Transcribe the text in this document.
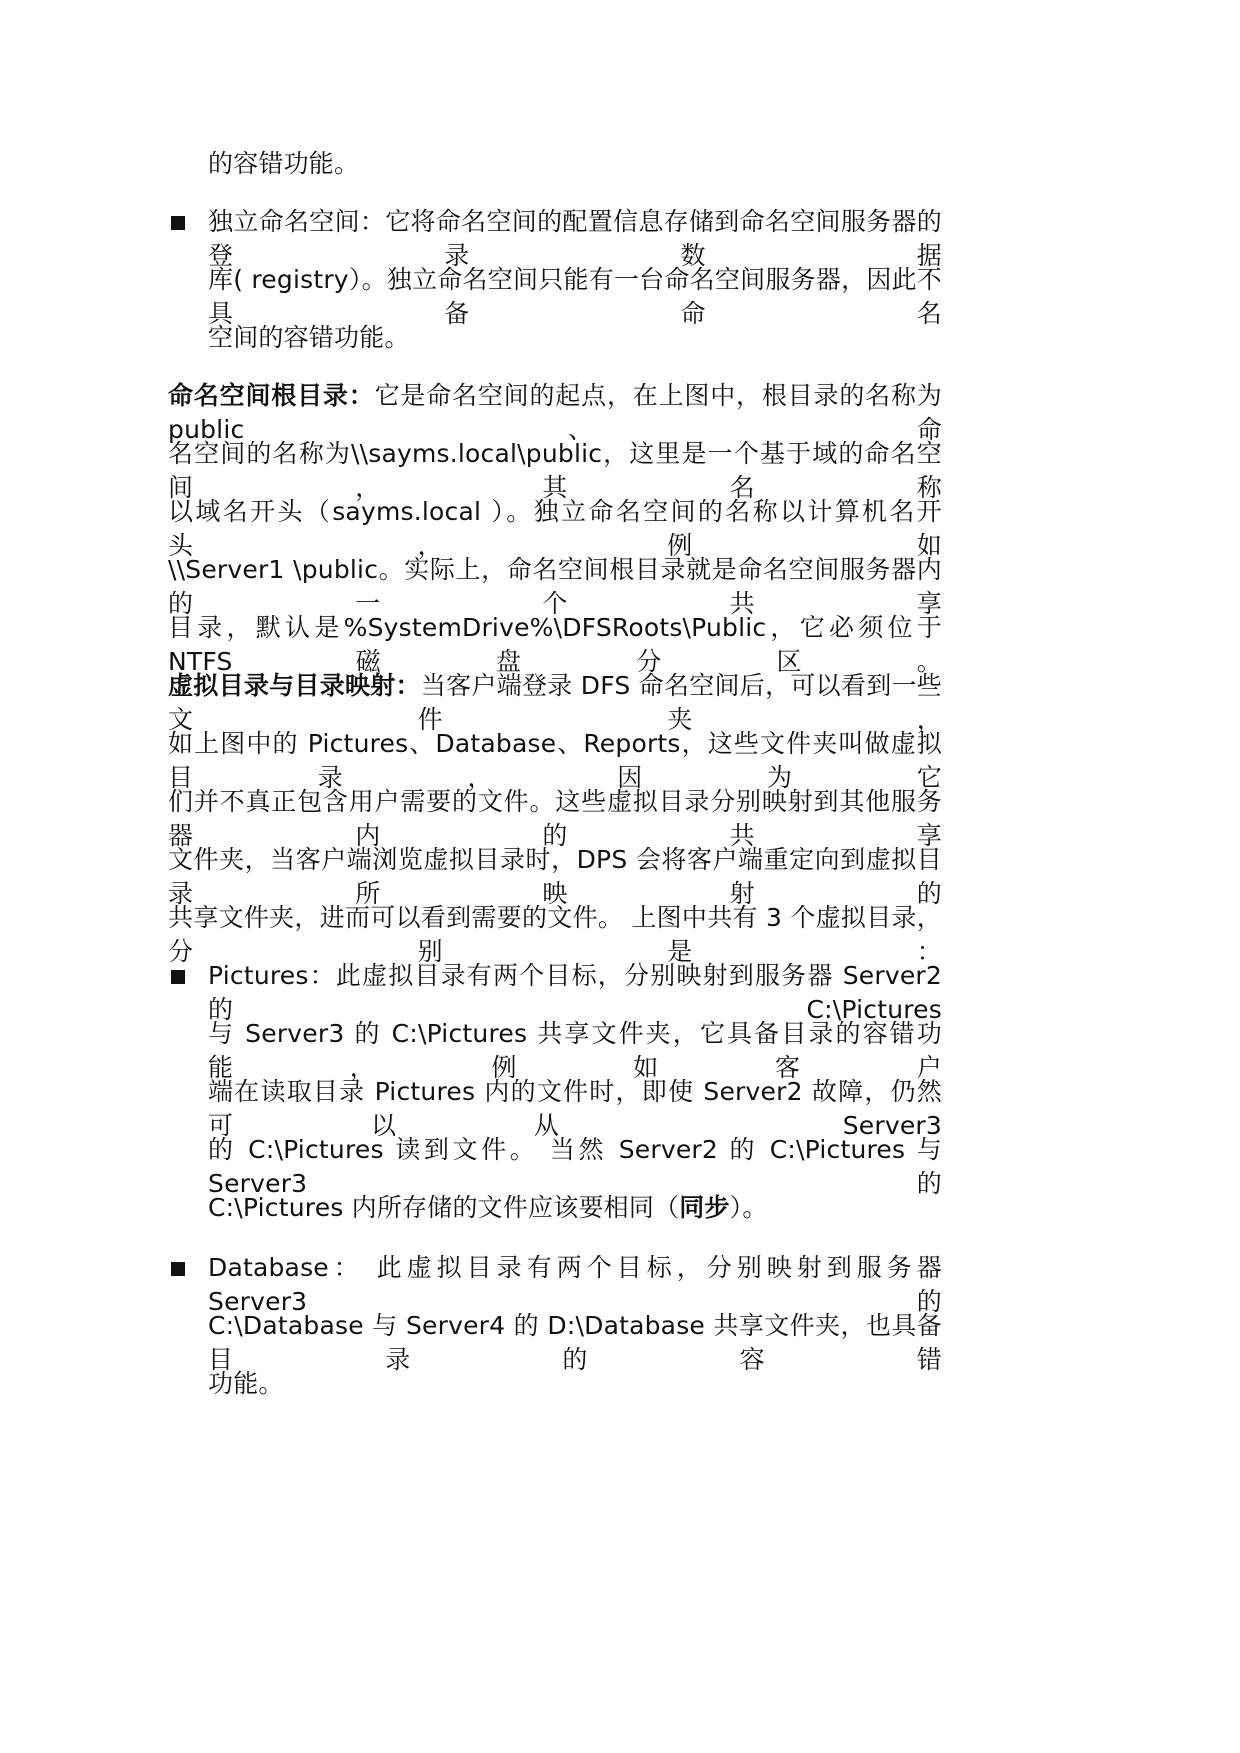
的容错功能。
独立命名空间：它将命名空间的配置信息存储到命名空间服务器的登录数据
库( registry）。独立命名空间只能有一台命名空间服务器，因此不具备命名
空间的容错功能。
命名空间根目录：它是命名空间的起点，在上图中，根目录的名称为 public、命
名空间的名称为\\sayms.local\public，这里是一个基于域的命名空间，其名称
以域名开头（sayms.local ）。独立命名空间的名称以计算机名开头，例如
\\Server1 \public。实际上，命名空间根目录就是命名空间服务器内的一个共享
目录，默认是%SystemDrive%\DFSRoots\Public，它必须位于 NTFS 磁盘分区。
虚拟目录与目录映射：当客户端登录 DFS 命名空间后，可以看到一些文件夹，
如上图中的 Pictures、Database、Reports，这些文件夹叫做虚拟目录，因为它
们并不真正包含用户需要的文件。这些虚拟目录分别映射到其他服务器内的共享
文件夹，当客户端浏览虚拟目录时，DPS 会将客户端重定向到虚拟目录所映射的
共享文件夹，进而可以看到需要的文件。 上图中共有 3 个虚拟目录，分别是：
Pictures：此虚拟目录有两个目标，分别映射到服务器 Server2 的 C:\Pictures
与 Server3 的 C:\Pictures 共享文件夹，它具备目录的容错功能，例如客户
端在读取目录 Pictures 内的文件时，即使 Server2 故障，仍然可以从 Server3
的 C:\Pictures 读到文件。 当然 Server2 的 C:\Pictures 与 Server3 的
C:\Pictures 内所存储的文件应该要相同（同步）。
Database： 此虚拟目录有两个目标，分别映射到服务器 Server3 的
C:\Database 与 Server4 的 D:\Database 共享文件夹，也具备目录的容错
功能。
